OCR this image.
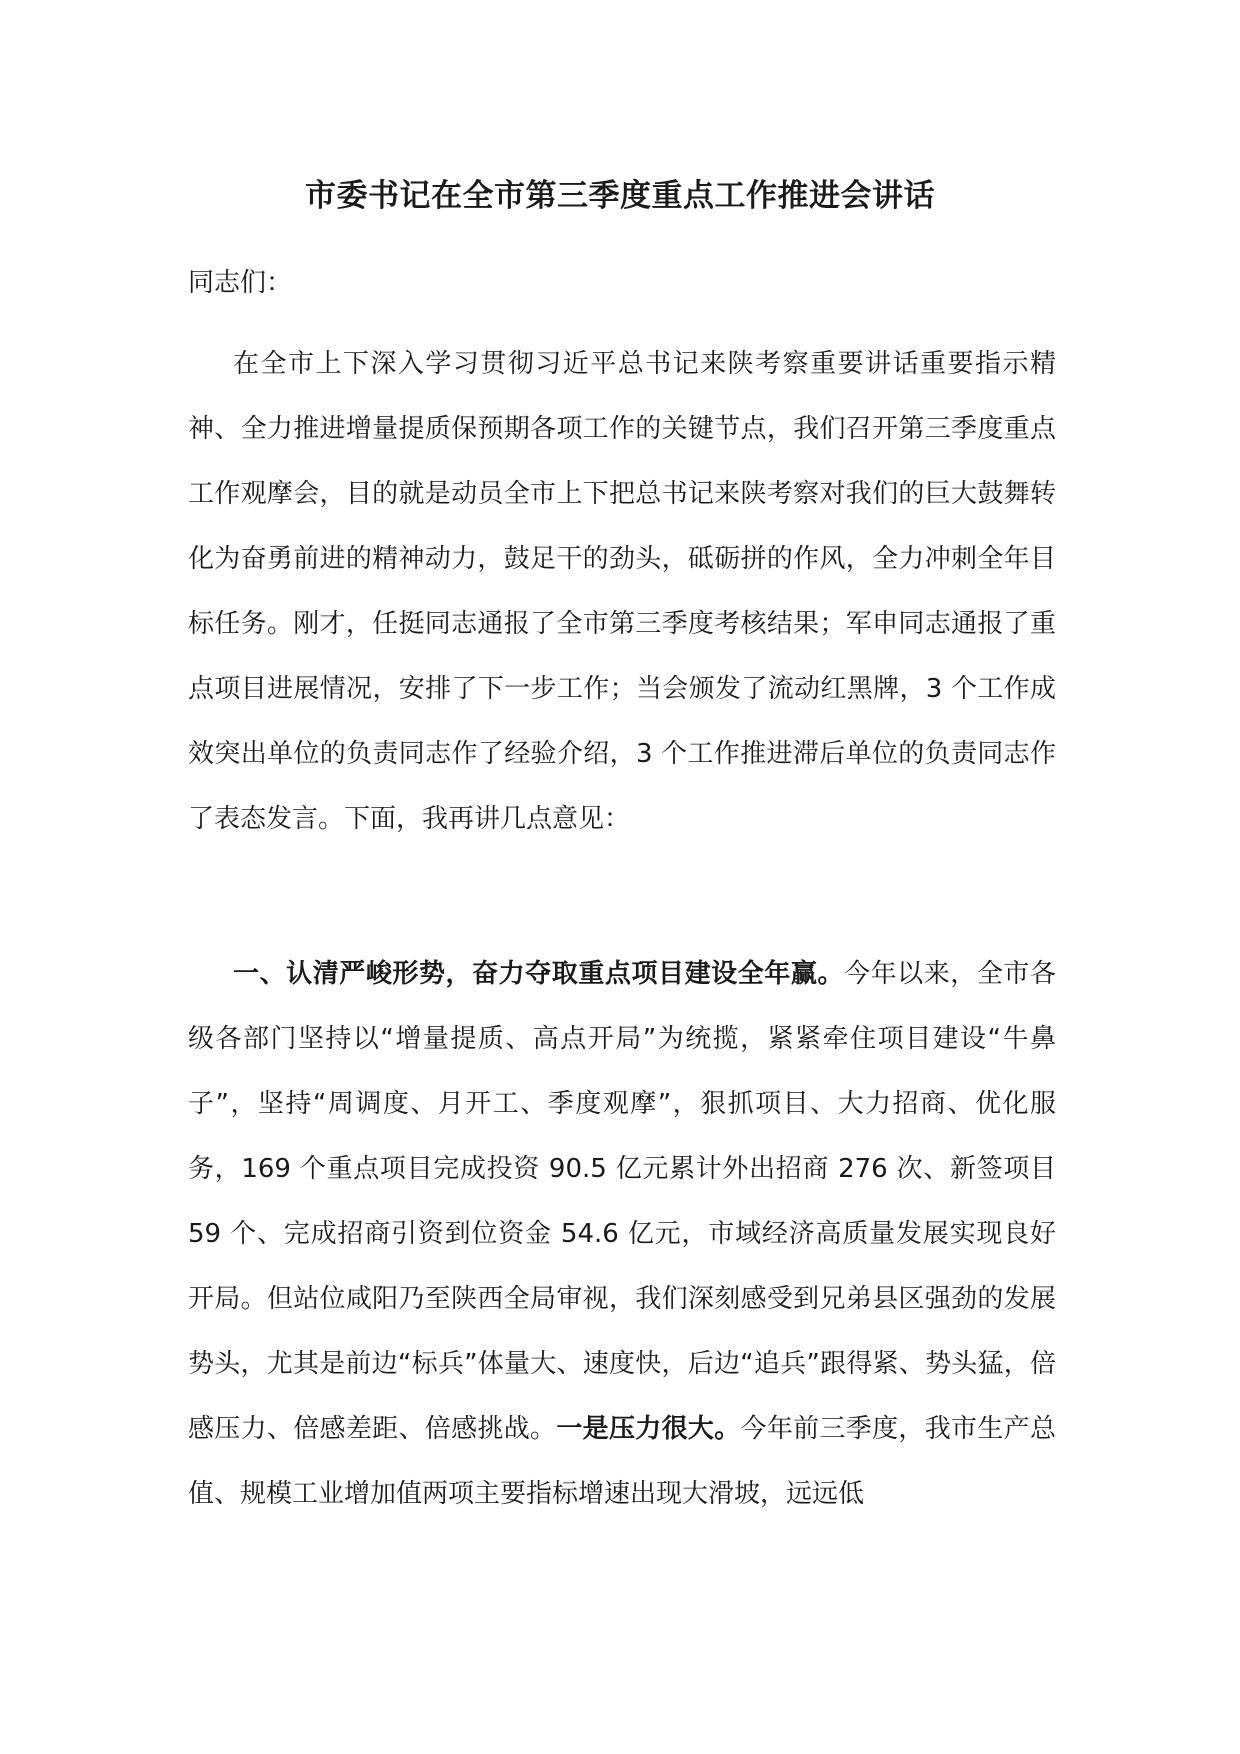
市委书记在全市第三季度重点工作推进会讲话

同志们：

在全市上下深入学习贯彻习近平总书记来陕考察重要讲话重要指示精神、全力推进增量提质保预期各项工作的关键节点，我们召开第三季度重点工作观摩会，目的就是动员全市上下把总书记来陕考察对我们的巨大鼓舞转化为奋勇前进的精神动力，鼓足干的劲头，砥砺拼的作风，全力冲刺全年目标任务。刚才，任挺同志通报了全市第三季度考核结果；军申同志通报了重点项目进展情况，安排了下一步工作；当会颁发了流动红黑牌，3 个工作成效突出单位的负责同志作了经验介绍，3 个工作推进滞后单位的负责同志作了表态发言。下面，我再讲几点意见：

一、认清严峻形势，奋力夺取重点项目建设全年赢。今年以来，全市各级各部门坚持以“增量提质、高点开局”为统揽，紧紧牵住项目建设“牛鼻子”，坚持“周调度、月开工、季度观摩”，狠抓项目、大力招商、优化服务，169 个重点项目完成投资 90.5 亿元累计外出招商 276 次、新签项目 59 个、完成招商引资到位资金 54.6 亿元，市域经济高质量发展实现良好开局。但站位咸阳乃至陕西全局审视，我们深刻感受到兄弟县区强劲的发展势头，尤其是前边“标兵”体量大、速度快，后边“追兵”跟得紧、势头猛，倍感压力、倍感差距、倍感挑战。一是压力很大。今年前三季度，我市生产总值、规模工业增加值两项主要指标增速出现大滑坡，远远低
